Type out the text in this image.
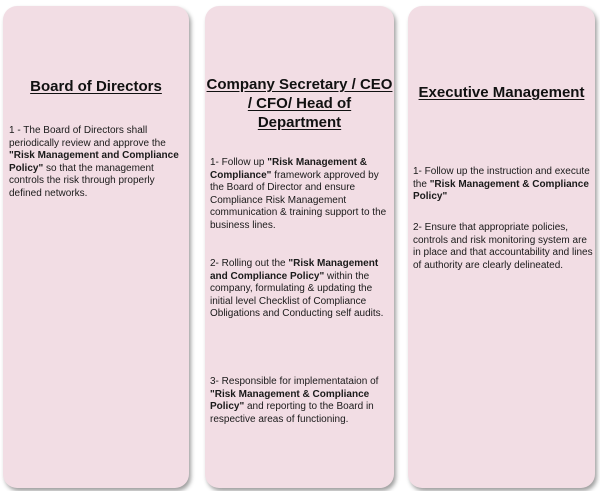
Board of Directors
1 - The Board of Directors shall periodically review and approve the "Risk Management and Compliance Policy" so that the management controls the risk through properly defined networks.
Company Secretary / CEO / CFO/ Head of Department
1- Follow up "Risk Management & Compliance" framework approved by the Board of Director and ensure Compliance Risk Management communication & training support to the business lines.
2- Rolling out the "Risk Management and Compliance Policy" within the company, formulating & updating the initial level Checklist of Compliance Obligations and Conducting self audits.
3- Responsible for implementataion of "Risk Management & Compliance Policy" and reporting to the Board in respective areas of functioning.
Executive Management
1- Follow up the instruction and execute the "Risk Management & Compliance Policy"
2- Ensure that appropriate policies, controls and risk monitoring system are in place and that accountability and lines of authority are clearly delineated.
